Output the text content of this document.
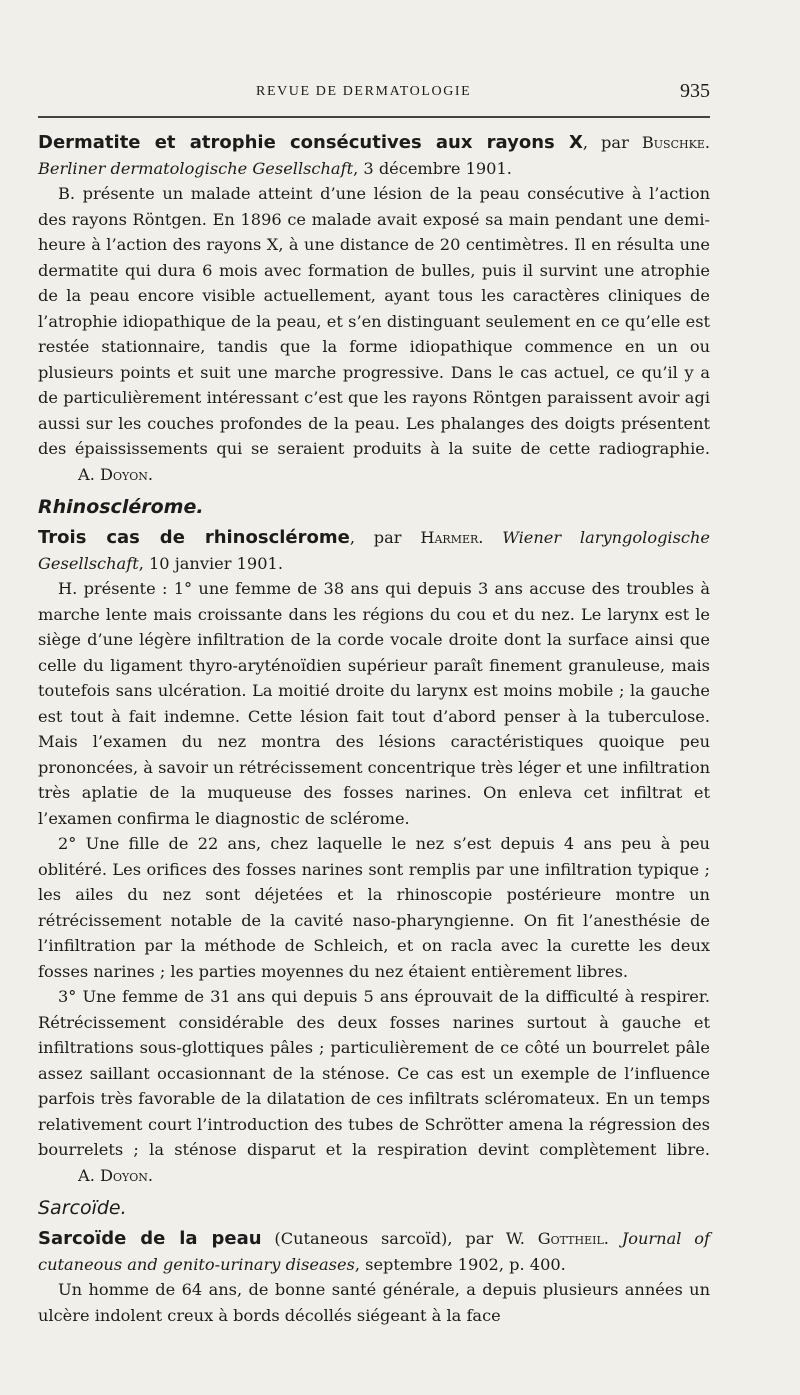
REVUE DE DERMATOLOGIE	935

Dermatite et atrophie consécutives aux rayons X, par Buschke. Berliner dermatologische Gesellschaft, 3 décembre 1901.

B. présente un malade atteint d’une lésion de la peau consécutive à l’action des rayons Röntgen. En 1896 ce malade avait exposé sa main pendant une demi-heure à l’action des rayons X, à une distance de 20 centimètres. Il en résulta une dermatite qui dura 6 mois avec formation de bulles, puis il survint une atrophie de la peau encore visible actuellement, ayant tous les caractères cliniques de l’atrophie idiopathique de la peau, et s’en distinguant seulement en ce qu’elle est restée stationnaire, tandis que la forme idiopathique commence en un ou plusieurs points et suit une marche progressive. Dans le cas actuel, ce qu’il y a de particulièrement intéressant c’est que les rayons Röntgen paraissent avoir agi aussi sur les couches profondes de la peau. Les phalanges des doigts présentent des épaississements qui se seraient produits à la suite de cette radiographie. A. Doyon.

Rhinosclérome.

Trois cas de rhinosclérome, par Harmer. Wiener laryngologische Gesellschaft, 10 janvier 1901.

H. présente : 1° une femme de 38 ans qui depuis 3 ans accuse des troubles à marche lente mais croissante dans les régions du cou et du nez. Le larynx est le siège d’une légère infiltration de la corde vocale droite dont la surface ainsi que celle du ligament thyro-aryténoïdien supérieur paraît finement granuleuse, mais toutefois sans ulcération. La moitié droite du larynx est moins mobile ; la gauche est tout à fait indemne. Cette lésion fait tout d’abord penser à la tuberculose. Mais l’examen du nez montra des lésions caractéristiques quoique peu prononcées, à savoir un rétrécissement concentrique très léger et une infiltration très aplatie de la muqueuse des fosses narines. On enleva cet infiltrat et l’examen confirma le diagnostic de sclérome.

2° Une fille de 22 ans, chez laquelle le nez s’est depuis 4 ans peu à peu oblitéré. Les orifices des fosses narines sont remplis par une infiltration typique ; les ailes du nez sont déjetées et la rhinoscopie postérieure montre un rétrécissement notable de la cavité naso-pharyngienne. On fit l’anesthésie de l’infiltration par la méthode de Schleich, et on racla avec la curette les deux fosses narines ; les parties moyennes du nez étaient entièrement libres.

3° Une femme de 31 ans qui depuis 5 ans éprouvait de la difficulté à respirer. Rétrécissement considérable des deux fosses narines surtout à gauche et infiltrations sous-glottiques pâles ; particulièrement de ce côté un bourrelet pâle assez saillant occasionnant de la sténose. Ce cas est un exemple de l’influence parfois très favorable de la dilatation de ces infiltrats scléromateux. En un temps relativement court l’introduction des tubes de Schrötter amena la régression des bourrelets ; la sténose disparut et la respiration devint complètement libre. A. Doyon.

Sarcoïde.

Sarcoïde de la peau (Cutaneous sarcoïd), par W. Gottheil. Journal of cutaneous and genito-urinary diseases, septembre 1902, p. 400.

Un homme de 64 ans, de bonne santé générale, a depuis plusieurs années un ulcère indolent creux à bords décollés siégeant à la face
